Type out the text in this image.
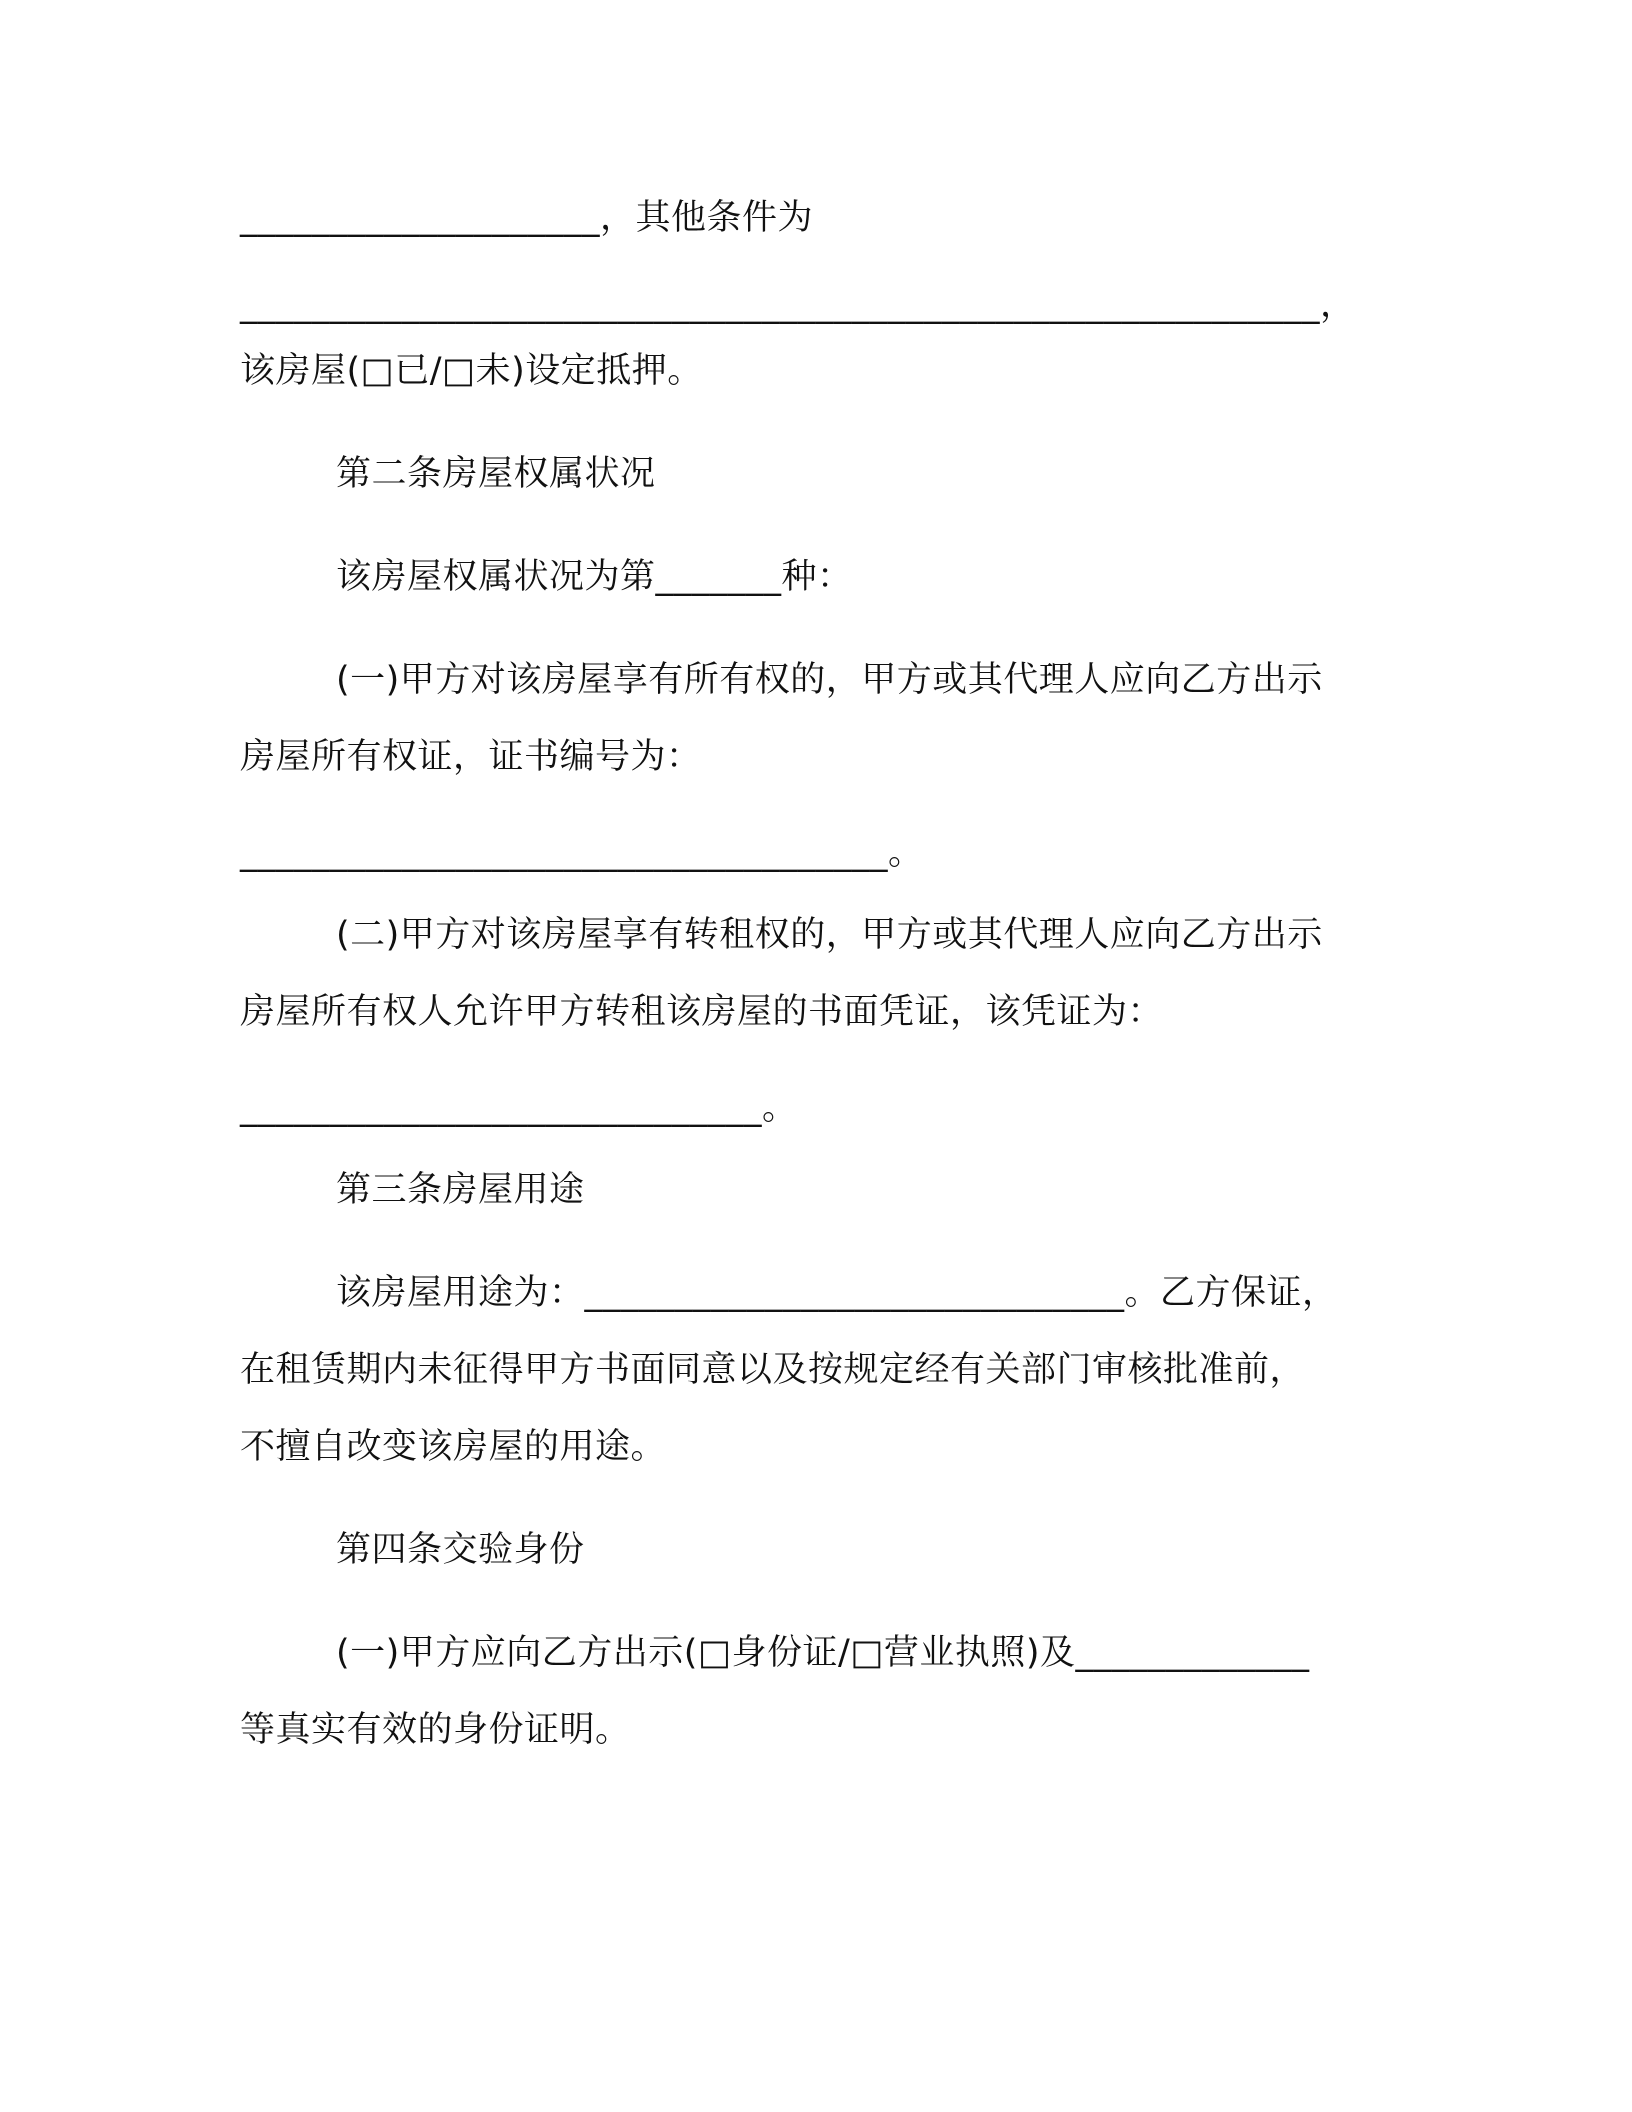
____________________，其他条件为
____________________________________________________________，
该房屋(□已/□未)设定抵押。
第二条房屋权属状况
该房屋权属状况为第_______种：
(一)甲方对该房屋享有所有权的，甲方或其代理人应向乙方出示
房屋所有权证，证书编号为：
____________________________________。
(二)甲方对该房屋享有转租权的，甲方或其代理人应向乙方出示
房屋所有权人允许甲方转租该房屋的书面凭证，该凭证为：
_____________________________。
第三条房屋用途
该房屋用途为：______________________________。乙方保证，
在租赁期内未征得甲方书面同意以及按规定经有关部门审核批准前，
不擅自改变该房屋的用途。
第四条交验身份
(一)甲方应向乙方出示(□身份证/□营业执照)及_____________
等真实有效的身份证明。
